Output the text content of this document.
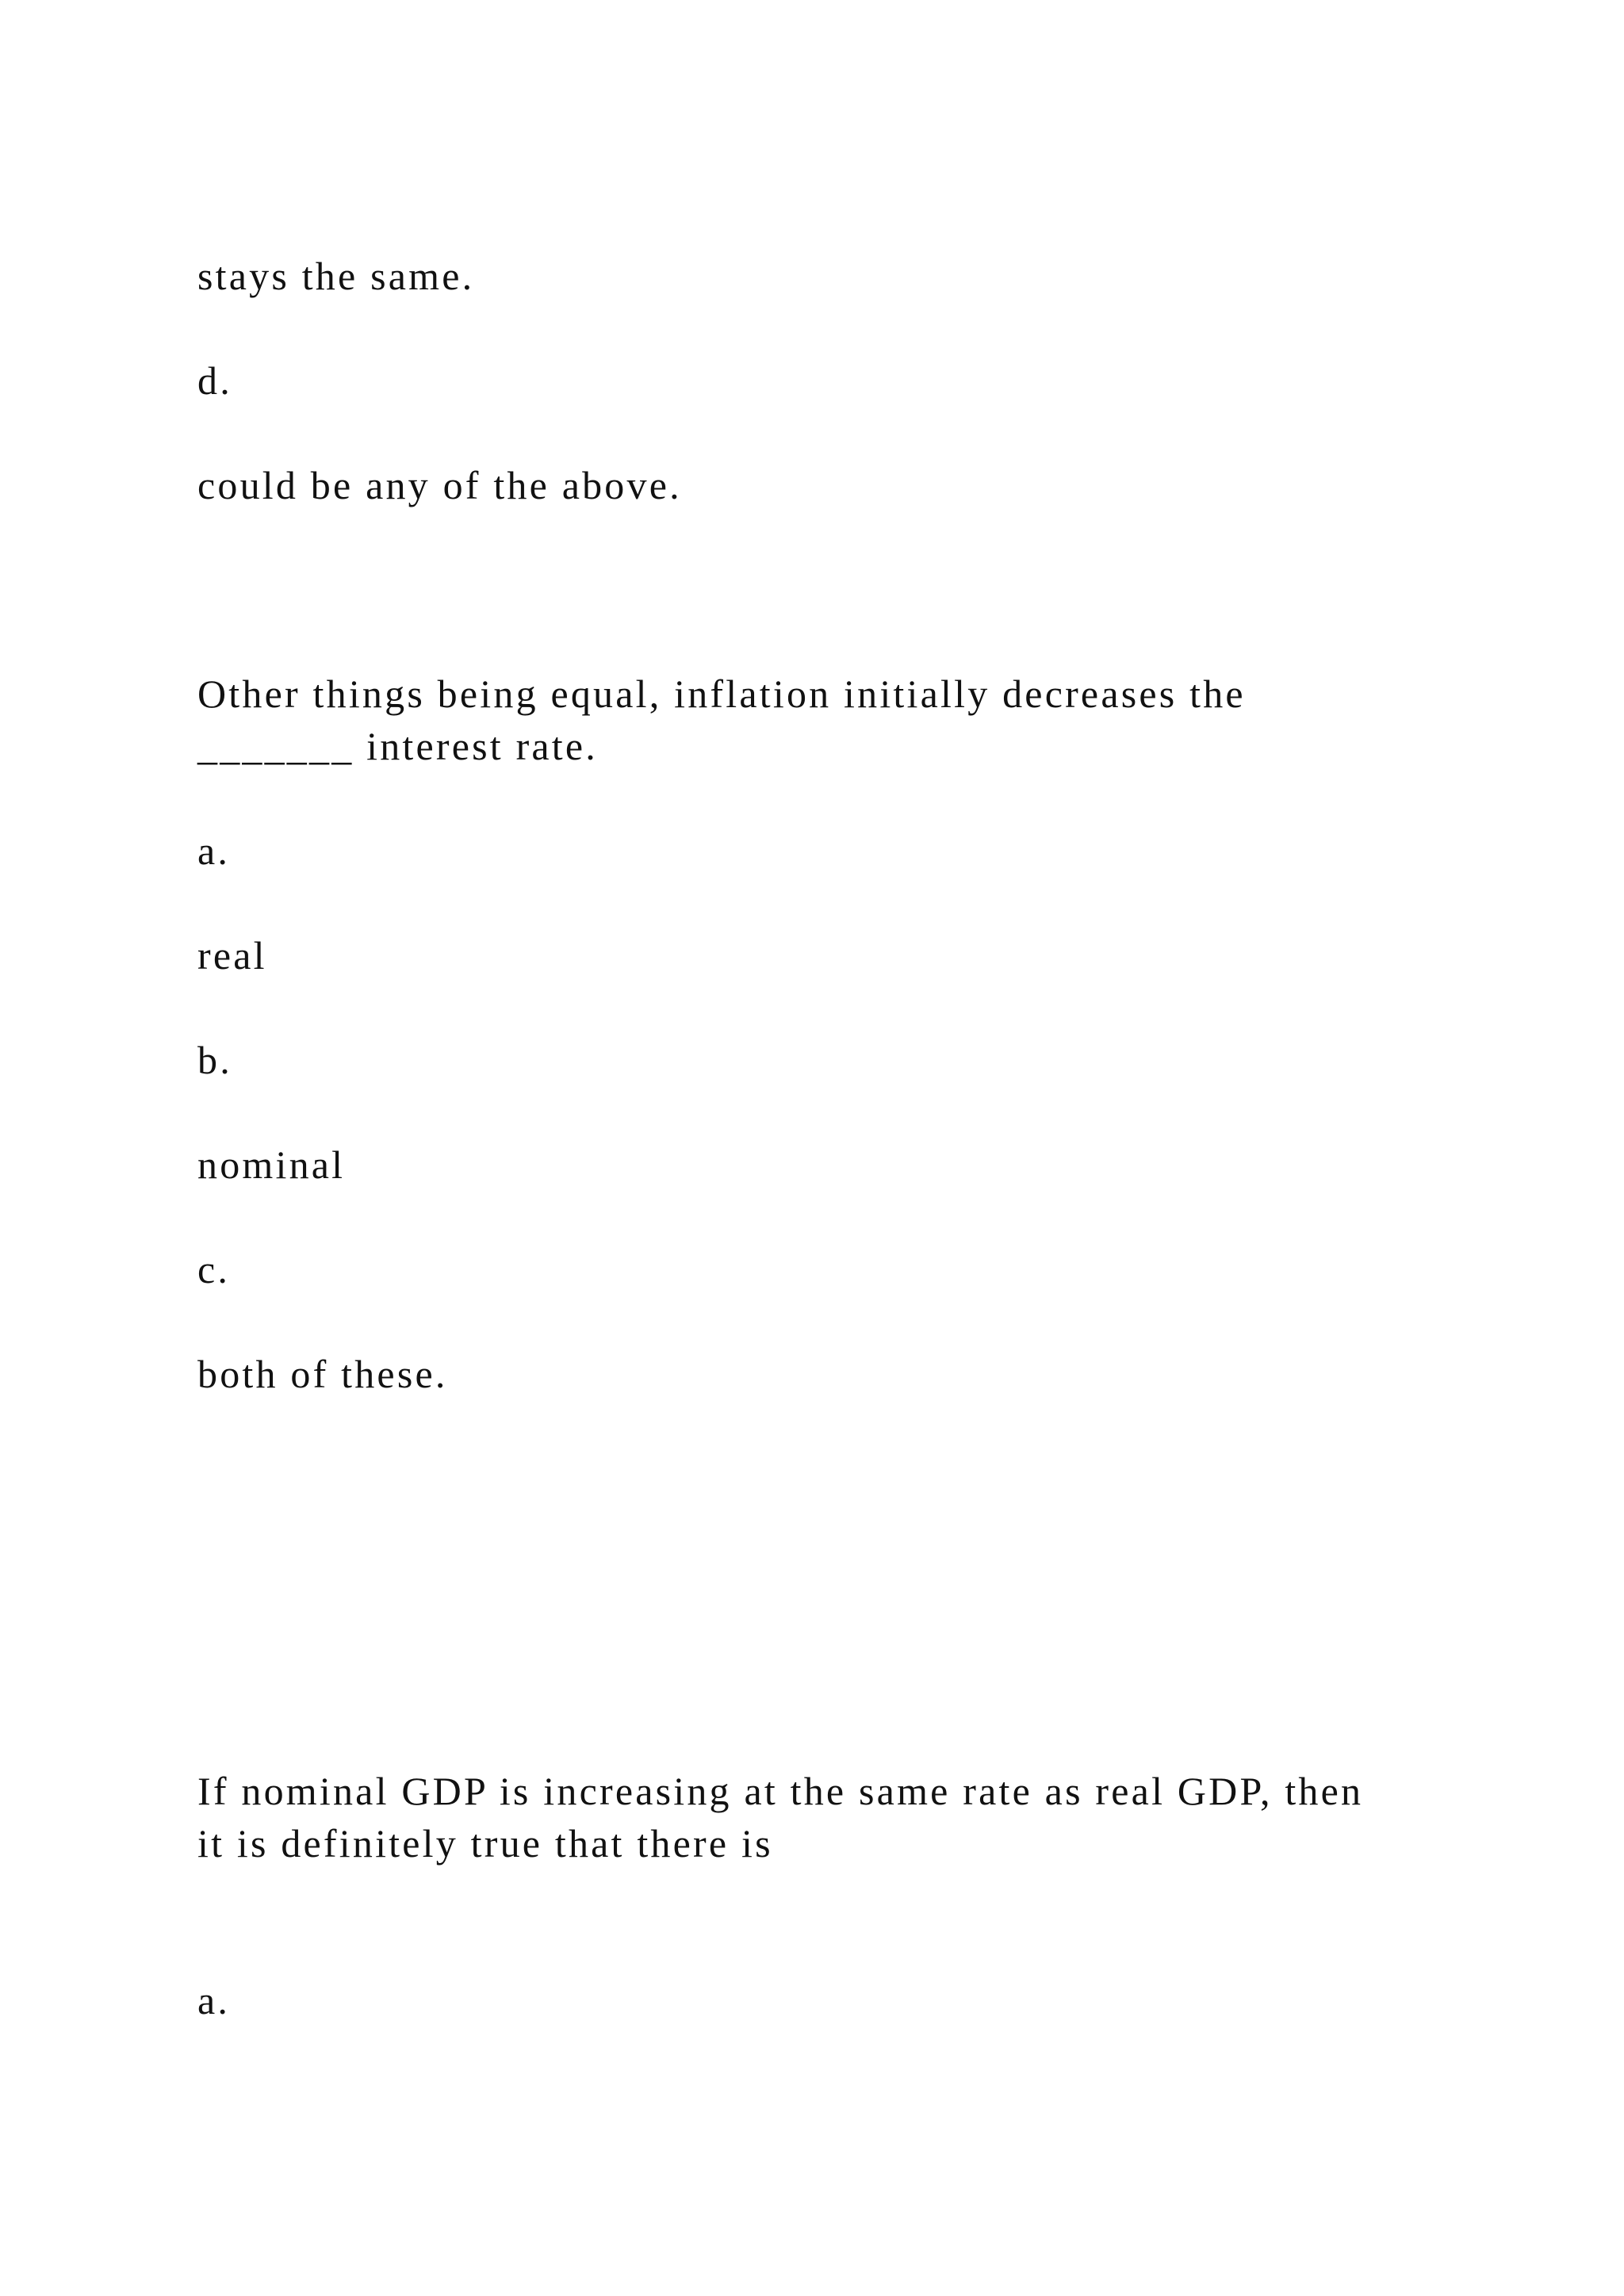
stays the same.
d.
could be any of the above.
Other things being equal, inflation initially decreases the
_______ interest rate.
a.
real
b.
nominal
c.
both of these.
If nominal GDP is increasing at the same rate as real GDP, then
it is definitely true that there is
a.
